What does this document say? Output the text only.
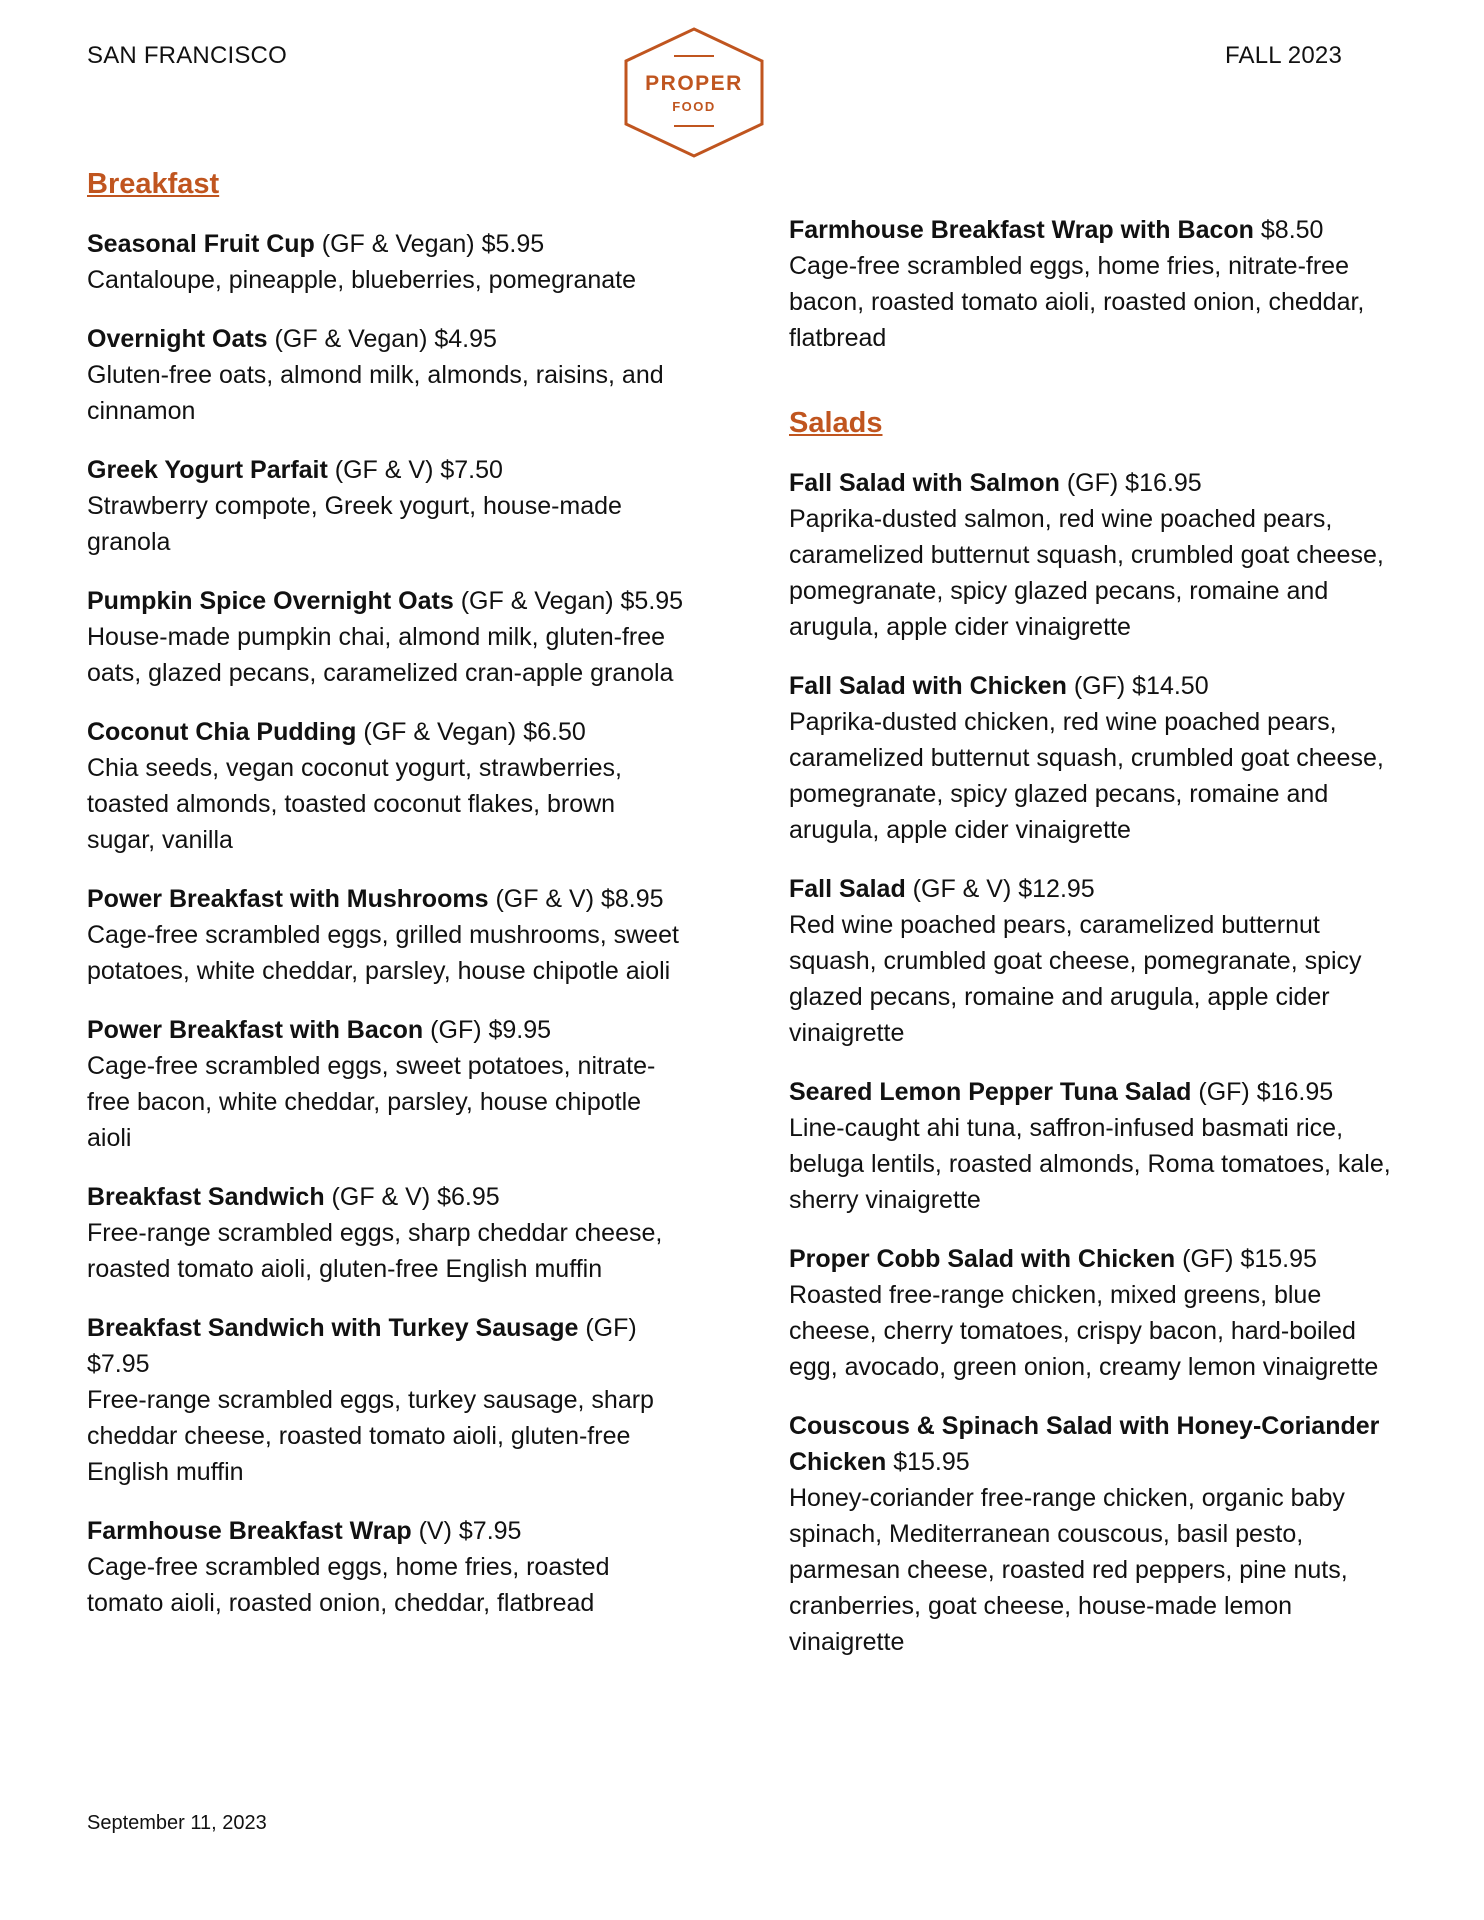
SAN FRANCISCO	FALL 2023
PROPER
FOOD
Breakfast
Seasonal Fruit Cup (GF & Vegan) $5.95
Cantaloupe, pineapple, blueberries, pomegranate
Overnight Oats (GF & Vegan) $4.95
Gluten-free oats, almond milk, almonds, raisins, and cinnamon
Greek Yogurt Parfait (GF & V) $7.50
Strawberry compote, Greek yogurt, house-made granola
Pumpkin Spice Overnight Oats (GF & Vegan) $5.95
House-made pumpkin chai, almond milk, gluten-free oats, glazed pecans, caramelized cran-apple granola
Coconut Chia Pudding (GF & Vegan) $6.50
Chia seeds, vegan coconut yogurt, strawberries, toasted almonds, toasted coconut flakes, brown sugar, vanilla
Power Breakfast with Mushrooms (GF & V) $8.95
Cage-free scrambled eggs, grilled mushrooms, sweet potatoes, white cheddar, parsley, house chipotle aioli
Power Breakfast with Bacon (GF) $9.95
Cage-free scrambled eggs, sweet potatoes, nitrate-free bacon, white cheddar, parsley, house chipotle aioli
Breakfast Sandwich (GF & V) $6.95
Free-range scrambled eggs, sharp cheddar cheese, roasted tomato aioli, gluten-free English muffin
Breakfast Sandwich with Turkey Sausage (GF) $7.95
Free-range scrambled eggs, turkey sausage, sharp cheddar cheese, roasted tomato aioli, gluten-free English muffin
Farmhouse Breakfast Wrap (V) $7.95
Cage-free scrambled eggs, home fries, roasted tomato aioli, roasted onion, cheddar, flatbread
Farmhouse Breakfast Wrap with Bacon $8.50
Cage-free scrambled eggs, home fries, nitrate-free bacon, roasted tomato aioli, roasted onion, cheddar, flatbread
Salads
Fall Salad with Salmon (GF) $16.95
Paprika-dusted salmon, red wine poached pears, caramelized butternut squash, crumbled goat cheese, pomegranate, spicy glazed pecans, romaine and arugula, apple cider vinaigrette
Fall Salad with Chicken (GF) $14.50
Paprika-dusted chicken, red wine poached pears, caramelized butternut squash, crumbled goat cheese, pomegranate, spicy glazed pecans, romaine and arugula, apple cider vinaigrette
Fall Salad (GF & V) $12.95
Red wine poached pears, caramelized butternut squash, crumbled goat cheese, pomegranate, spicy glazed pecans, romaine and arugula, apple cider vinaigrette
Seared Lemon Pepper Tuna Salad (GF) $16.95
Line-caught ahi tuna, saffron-infused basmati rice, beluga lentils, roasted almonds, Roma tomatoes, kale, sherry vinaigrette
Proper Cobb Salad with Chicken (GF) $15.95
Roasted free-range chicken, mixed greens, blue cheese, cherry tomatoes, crispy bacon, hard-boiled egg, avocado, green onion, creamy lemon vinaigrette
Couscous & Spinach Salad with Honey-Coriander Chicken $15.95
Honey-coriander free-range chicken, organic baby spinach, Mediterranean couscous, basil pesto, parmesan cheese, roasted red peppers, pine nuts, cranberries, goat cheese, house-made lemon vinaigrette
September 11, 2023
